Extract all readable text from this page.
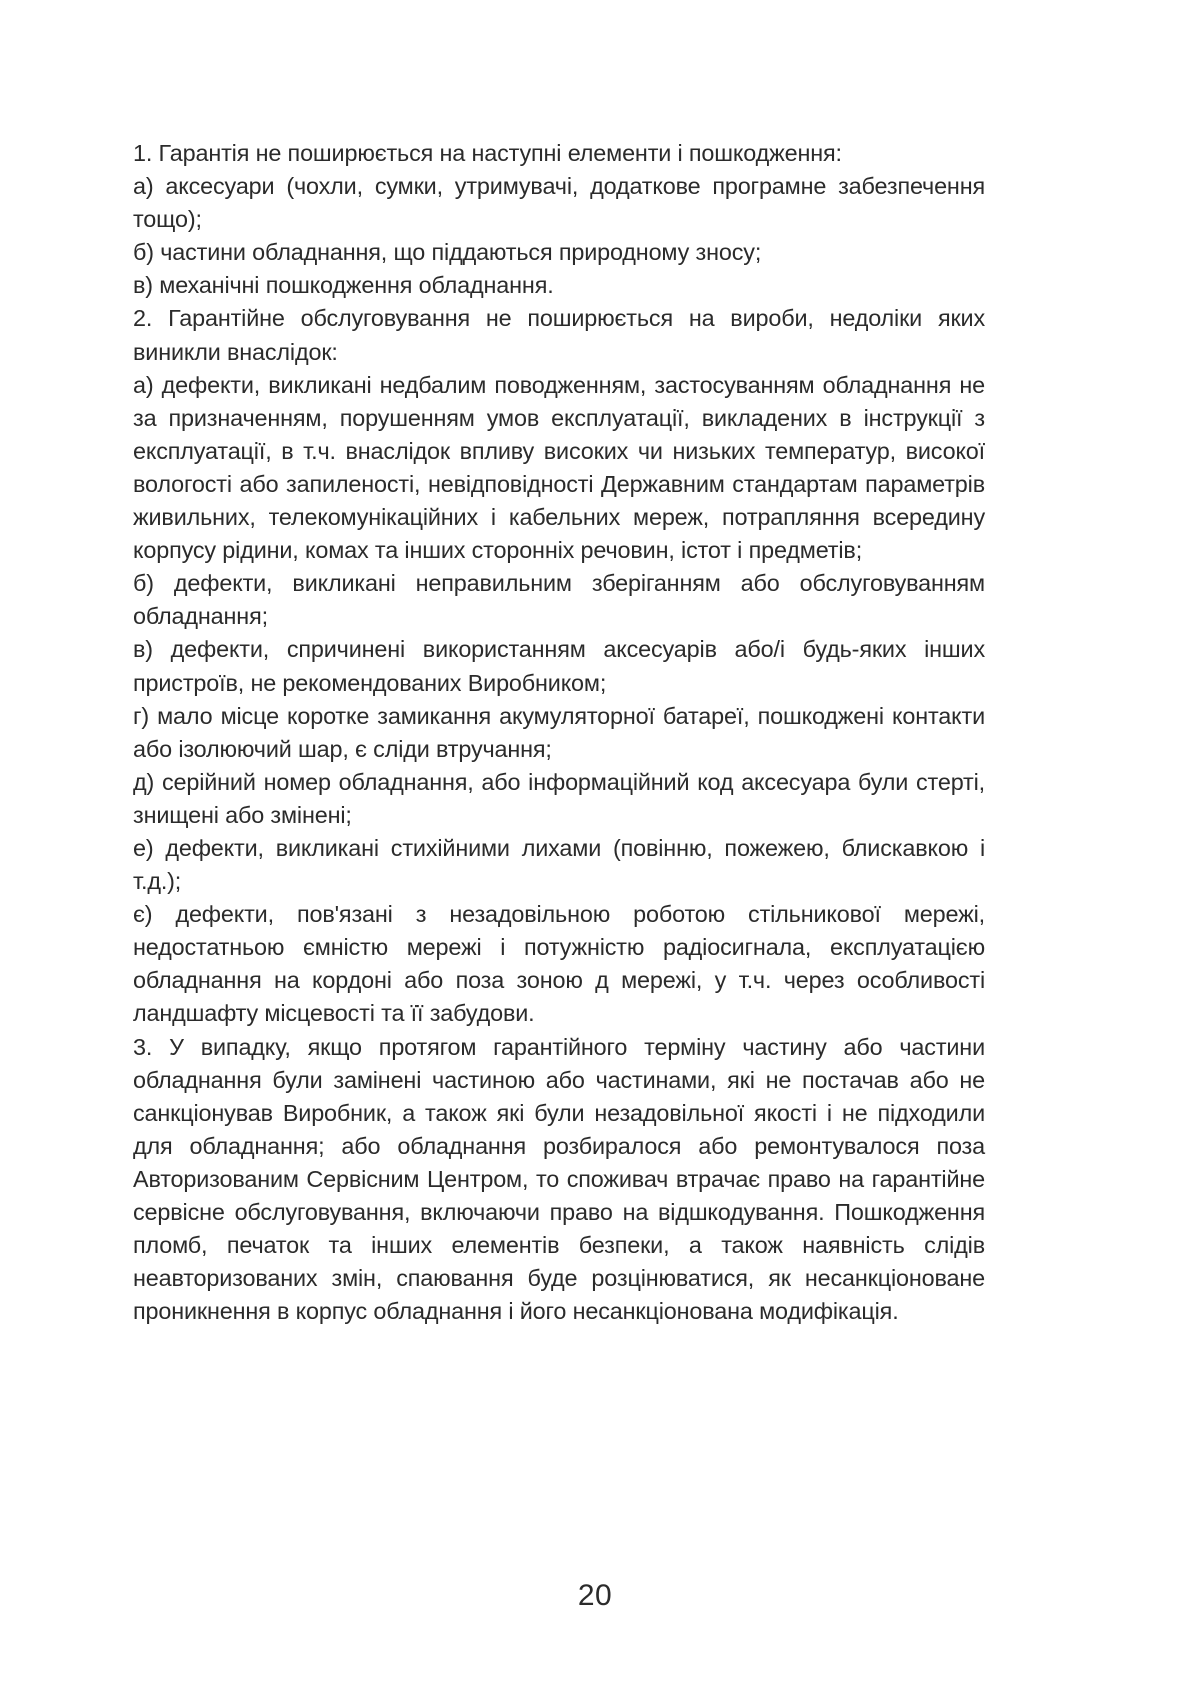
1. Гарантія не поширюється на наступні елементи і пошкодження:

а) аксесуари (чохли, сумки, утримувачі, додаткове програмне забезпечення тощо);

б) частини обладнання, що піддаються природному зносу;

в) механічні пошкодження обладнання.

2. Гарантійне обслуговування не поширюється на вироби, недоліки яких виникли внаслідок:

а) дефекти, викликані недбалим поводженням, застосуванням обладнання не за призначенням, порушенням умов експлуатації, викладених в інструкції з експлуатації, в т.ч. внаслідок впливу високих чи низьких температур, високої вологості або запиленості, невідповідності Державним стандартам параметрів живильних, телекомунікаційних і кабельних мереж, потрапляння всередину корпусу рідини, комах та інших сторонніх речовин, істот і предметів;

б) дефекти, викликані неправильним зберіганням або обслуговуванням обладнання;

в) дефекти, спричинені використанням аксесуарів або/і будь-яких інших пристроїв, не рекомендованих Виробником;

г) мало місце коротке замикання акумуляторної батареї, пошкоджені контакти або ізолюючий шар, є сліди втручання;

д) серійний номер обладнання, або інформаційний код аксесуара були стерті, знищені або змінені;

е) дефекти, викликані стихійними лихами (повінню, пожежею, блискавкою і т.д.);

є) дефекти, пов'язані з незадовільною роботою стільникової мережі, недостатньою ємністю мережі і потужністю радіосигнала, експлуатацією обладнання на кордоні або поза зоною д мережі, у т.ч. через особливості ландшафту місцевості та її забудови.

3. У випадку, якщо протягом гарантійного терміну частину або частини обладнання були замінені частиною або частинами, які не постачав або не санкціонував Виробник, а також які були незадовільної якості і не підходили для обладнання; або обладнання розбиралося або ремонтувалося поза Авторизованим Сервісним Центром, то споживач втрачає право на гарантійне сервісне обслуговування, включаючи право на відшкодування. Пошкодження пломб, печаток та інших елементів безпеки, а також наявність слідів неавторизованих змін, спаювання буде розцінюватися, як несанкціоноване проникнення в корпус обладнання і його несанкціонована модифікація.

20
